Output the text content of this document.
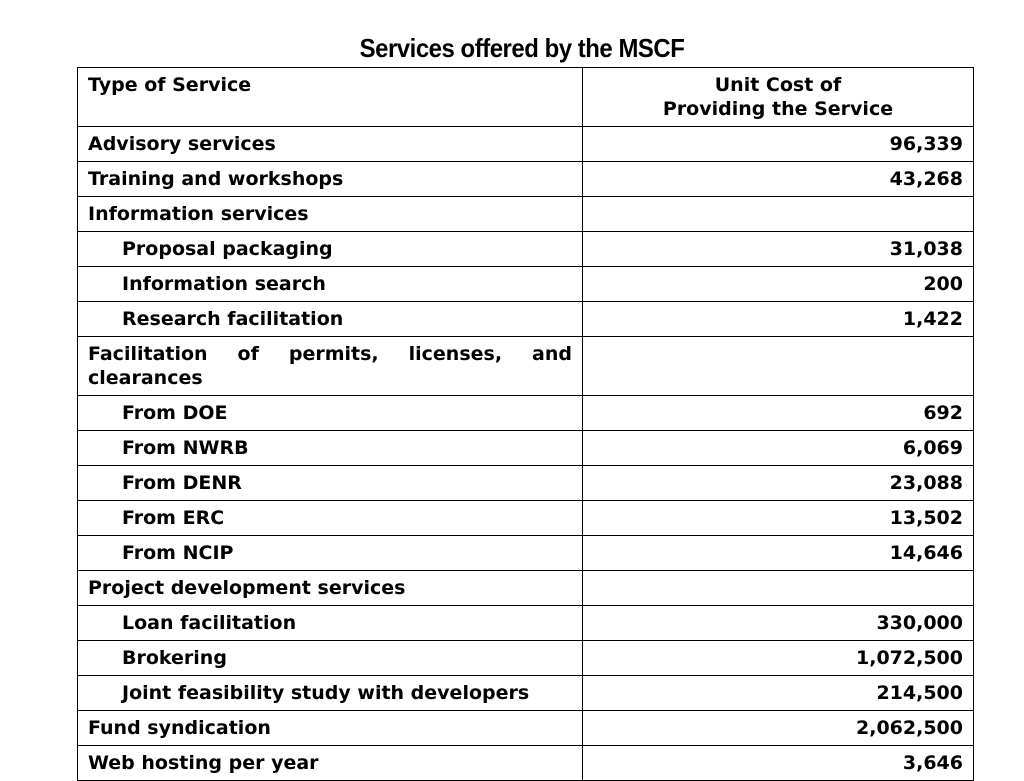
Services offered by the MSCF
Type of Service	Unit Cost of
Providing the Service

Advisory services	96,339
Training and workshops	43,268
Information services	
Proposal packaging	31,038
Information search	200
Research facilitation	1,422
Facilitation of permits, licenses, and clearances	
From DOE	692
From NWRB	6,069
From DENR	23,088
From ERC	13,502
From NCIP	14,646
Project development services	
Loan facilitation	330,000
Brokering	1,072,500
Joint feasibility study with developers	214,500
Fund syndication	2,062,500
Web hosting per year	3,646
